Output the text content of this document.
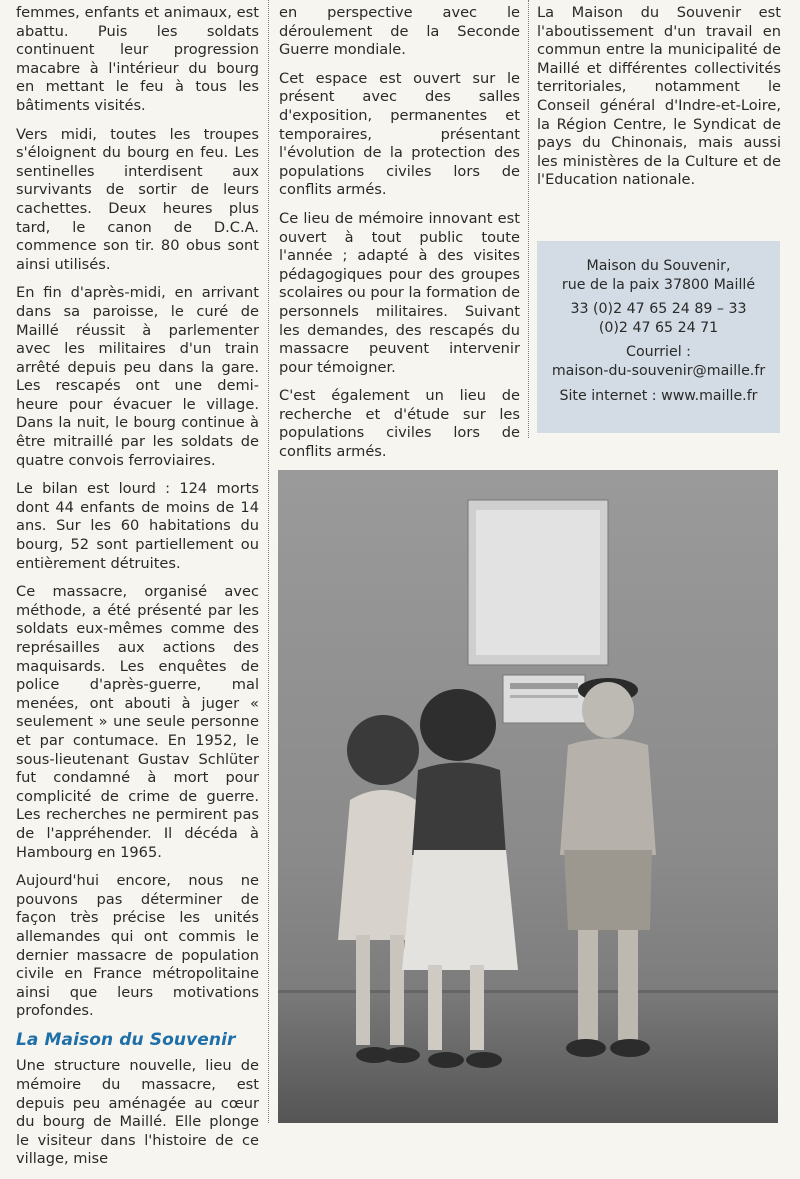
femmes, enfants et animaux, est abattu. Puis les soldats continuent leur progression macabre à l'intérieur du bourg en mettant le feu à tous les bâtiments visités.

Vers midi, toutes les troupes s'éloignent du bourg en feu. Les sentinelles interdisent aux survivants de sortir de leurs cachettes. Deux heures plus tard, le canon de D.C.A. commence son tir. 80 obus sont ainsi utilisés.

En fin d'après-midi, en arrivant dans sa paroisse, le curé de Maillé réussit à parlementer avec les militaires d'un train arrêté depuis peu dans la gare. Les rescapés ont une demi-heure pour évacuer le village. Dans la nuit, le bourg continue à être mitraillé par les soldats de quatre convois ferroviaires.

Le bilan est lourd : 124 morts dont 44 enfants de moins de 14 ans. Sur les 60 habitations du bourg, 52 sont partiellement ou entièrement détruites.

Ce massacre, organisé avec méthode, a été présenté par les soldats eux-mêmes comme des représailles aux actions des maquisards. Les enquêtes de police d'après-guerre, mal menées, ont abouti à juger « seulement » une seule personne et par contumace. En 1952, le sous-lieutenant Gustav Schlüter fut condamné à mort pour complicité de crime de guerre. Les recherches ne permirent pas de l'appréhender. Il décéda à Hambourg en 1965.

Aujourd'hui encore, nous ne pouvons pas déterminer de façon très précise les unités allemandes qui ont commis le dernier massacre de population civile en France métropolitaine ainsi que leurs motivations profondes.

La Maison du Souvenir

Une structure nouvelle, lieu de mémoire du massacre, est depuis peu aménagée au cœur du bourg de Maillé. Elle plonge le visiteur dans l'histoire de ce village, mise

en perspective avec le déroulement de la Seconde Guerre mondiale.

Cet espace est ouvert sur le présent avec des salles d'exposition, permanentes et temporaires, présentant l'évolution de la protection des populations civiles lors de conflits armés.

Ce lieu de mémoire innovant est ouvert à tout public toute l'année ; adapté à des visites pédagogiques pour des groupes scolaires ou pour la formation de personnels militaires. Suivant les demandes, des rescapés du massacre peuvent intervenir pour témoigner.

C'est également un lieu de recherche et d'étude sur les populations civiles lors de conflits armés.

La Maison du Souvenir est l'aboutissement d'un travail en commun entre la municipalité de Maillé et différentes collectivités territoriales, notamment le Conseil général d'Indre-et-Loire, la Région Centre, le Syndicat de pays du Chinonais, mais aussi les ministères de la Culture et de l'Education nationale.

Maison du Souvenir,
rue de la paix 37800 Maillé
33 (0)2 47 65 24 89 – 33
(0)2 47 65 24 71
Courriel :
maison-du-souvenir@maille.fr
Site internet : www.maille.fr
